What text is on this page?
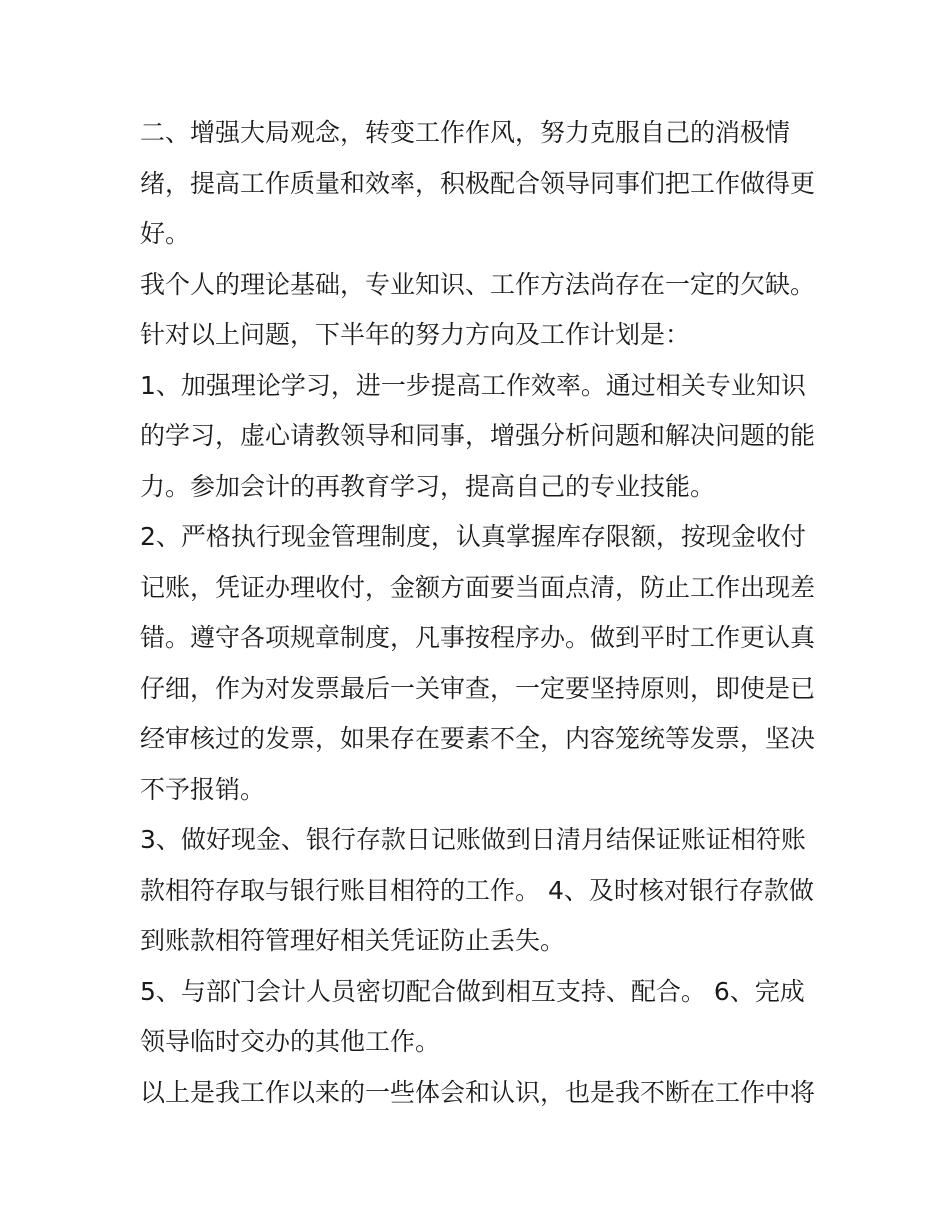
二、增强大局观念，转变工作作风，努力克服自己的消极情
绪，提高工作质量和效率，积极配合领导同事们把工作做得更
好。

我个人的理论基础，专业知识、工作方法尚存在一定的欠缺。

针对以上问题，下半年的努力方向及工作计划是：

1、加强理论学习，进一步提高工作效率。通过相关专业知识
的学习，虚心请教领导和同事，增强分析问题和解决问题的能
力。参加会计的再教育学习，提高自己的专业技能。

2、严格执行现金管理制度，认真掌握库存限额，按现金收付
记账，凭证办理收付，金额方面要当面点清，防止工作出现差
错。遵守各项规章制度，凡事按程序办。做到平时工作更认真
仔细，作为对发票最后一关审查，一定要坚持原则，即使是已
经审核过的发票，如果存在要素不全，内容笼统等发票，坚决
不予报销。

3、做好现金、银行存款日记账做到日清月结保证账证相符账
款相符存取与银行账目相符的工作。 4、及时核对银行存款做
到账款相符管理好相关凭证防止丢失。

5、与部门会计人员密切配合做到相互支持、配合。 6、完成
领导临时交办的其他工作。

以上是我工作以来的一些体会和认识，也是我不断在工作中将
